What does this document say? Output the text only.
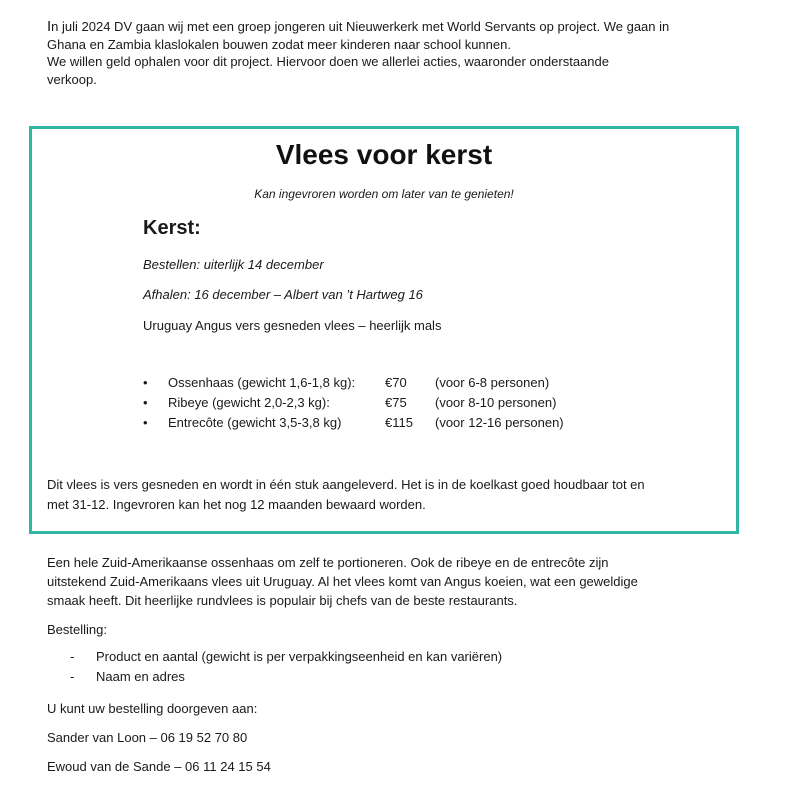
In juli 2024 DV gaan wij met een groep jongeren uit Nieuwerkerk met World Servants op project. We gaan in

Ghana en Zambia klaslokalen bouwen zodat meer kinderen naar school kunnen.

We willen geld ophalen voor dit project. Hiervoor doen we allerlei acties, waaronder onderstaande

verkoop.

Vlees voor kerst
Kan ingevroren worden om later van te genieten!
Kerst:
Bestellen: uiterlijk 14 december
Afhalen: 16 december – Albert van ’t Hartweg 16
Uruguay Angus vers gesneden vlees – heerlijk mals
• Ossenhaas (gewicht 1,6-1,8 kg): €70 (voor 6-8 personen)
• Ribeye (gewicht 2,0-2,3 kg):	€75 (voor 8-10 personen)
• Entrecôte (gewicht 3,5-3,8 kg)	€115 (voor 12-16 personen)
Dit vlees is vers gesneden en wordt in één stuk aangeleverd. Het is in de koelkast goed houdbaar tot en
met 31-12. Ingevroren kan het nog 12 maanden bewaard worden.
Een hele Zuid-Amerikaanse ossenhaas om zelf te portioneren. Ook de ribeye en de entrecôte zijn
uitstekend Zuid-Amerikaans vlees uit Uruguay. Al het vlees komt van Angus koeien, wat een geweldige
smaak heeft. Dit heerlijke rundvlees is populair bij chefs van de beste restaurants.
Bestelling:
- Product en aantal (gewicht is per verpakkingseenheid en kan variëren)
- Naam en adres
U kunt uw bestelling doorgeven aan:
Sander van Loon – 06 19 52 70 80
Ewoud van de Sande – 06 11 24 15 54
